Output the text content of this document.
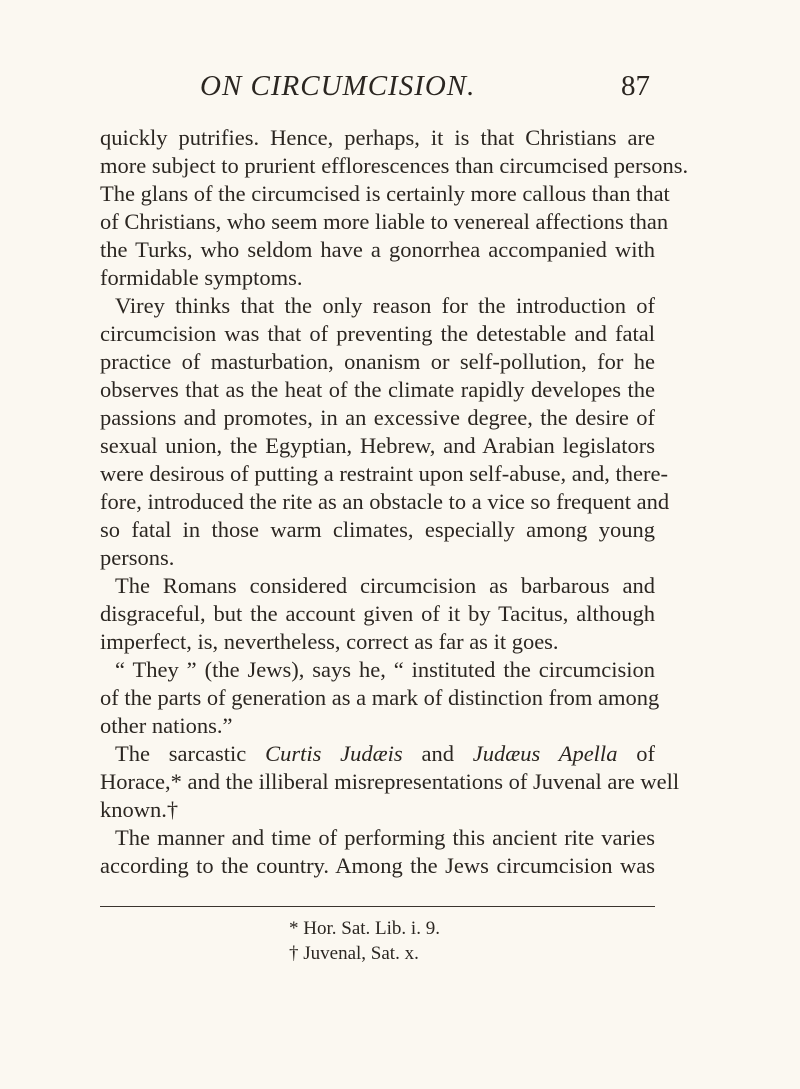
ON CIRCUMCISION.	87
quickly putrifies. Hence, perhaps, it is that Christians are
more subject to prurient efflorescences than circumcised persons.
The glans of the circumcised is certainly more callous than that
of Christians, who seem more liable to venereal affections than
the Turks, who seldom have a gonorrhea accompanied with
formidable symptoms.
Virey thinks that the only reason for the introduction of
circumcision was that of preventing the detestable and fatal
practice of masturbation, onanism or self-pollution, for he
observes that as the heat of the climate rapidly developes the
passions and promotes, in an excessive degree, the desire of
sexual union, the Egyptian, Hebrew, and Arabian legislators
were desirous of putting a restraint upon self-abuse, and, there-
fore, introduced the rite as an obstacle to a vice so frequent and
so fatal in those warm climates, especially among young
persons.
The Romans considered circumcision as barbarous and
disgraceful, but the account given of it by Tacitus, although
imperfect, is, nevertheless, correct as far as it goes.
“ They ” (the Jews), says he, “ instituted the circumcision
of the parts of generation as a mark of distinction from among
other nations.”
The sarcastic Curtis Judæis and Judæus Apella of
Horace,* and the illiberal misrepresentations of Juvenal are well
known.†
The manner and time of performing this ancient rite varies
according to the country. Among the Jews circumcision was
* Hor. Sat. Lib. i. 9.
† Juvenal, Sat. x.
